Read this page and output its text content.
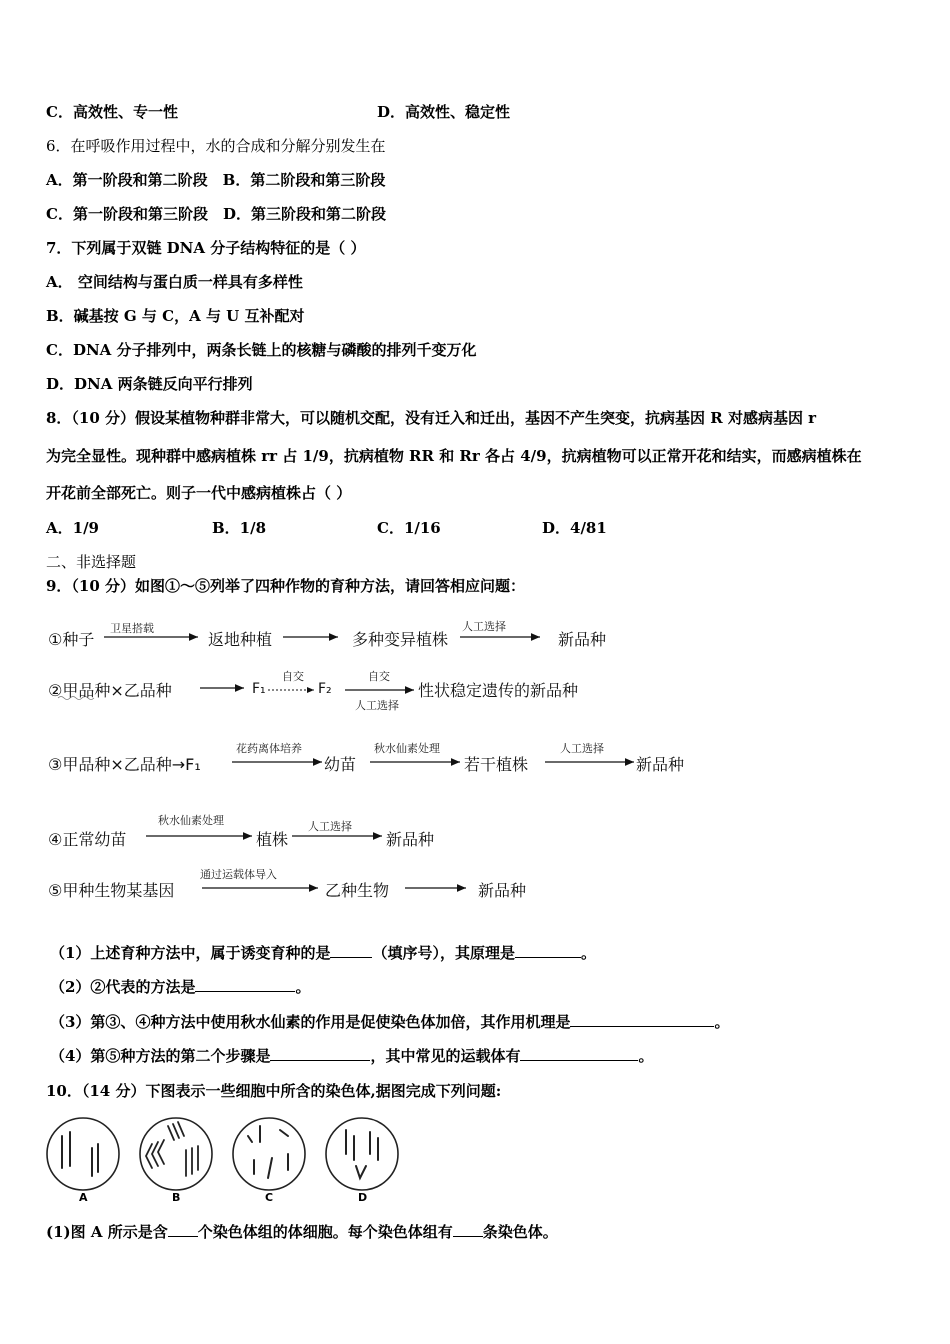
C．高效性、专一性	D．高效性、稳定性
6．在呼吸作用过程中，水的合成和分解分别发生在
A．第一阶段和第二阶段　B．第二阶段和第三阶段
C．第一阶段和第三阶段　D．第三阶段和第二阶段
7．下列属于双链 DNA 分子结构特征的是（ ）
A． 空间结构与蛋白质一样具有多样性
B．碱基按 G 与 C，A 与 U 互补配对
C．DNA 分子排列中，两条长链上的核糖与磷酸的排列千变万化
D．DNA 两条链反向平行排列
8．（10 分）假设某植物种群非常大，可以随机交配，没有迁入和迁出，基因不产生突变，抗病基因 R 对感病基因 r
为完全显性。现种群中感病植株 rr 占 1/9，抗病植物 RR 和 Rr 各占 4/9，抗病植物可以正常开花和结实，而感病植株在
开花前全部死亡。则子一代中感病植株占（ ）
A．1/9	B．1/8	C．1/16	D．4/81
二、非选择题
9．（10 分）如图①～⑤列举了四种作物的育种方法，请回答相应问题：
①种子
卫星搭载
返地种植	多种变异植株
人工选择
新品种
②甲品种×乙品种	F₁
自交
F₂
自交
人工选择
性状稳定遗传的新品种
③甲品种×乙品种→F₁
花药离体培养
幼苗
秋水仙素处理
若干植株
人工选择
新品种
④正常幼苗
秋水仙素处理
植株
人工选择
新品种
⑤甲种生物某基因
通过运载体导入
乙种生物	新品种
（1）上述育种方法中，属于诱变育种的是	（填序号），其原理是	。
（2）②代表的方法是	。
（3）第③、④种方法中使用秋水仙素的作用是促使染色体加倍，其作用机理是	。
（4）第⑤种方法的第二个步骤是	，其中常见的运载体有	。
10．（14 分）下图表示一些细胞中所含的染色体,据图完成下列问题:
A	B	C	D
(1)图 A 所示是含 个染色体组的体细胞。每个染色体组有 条染色体。
